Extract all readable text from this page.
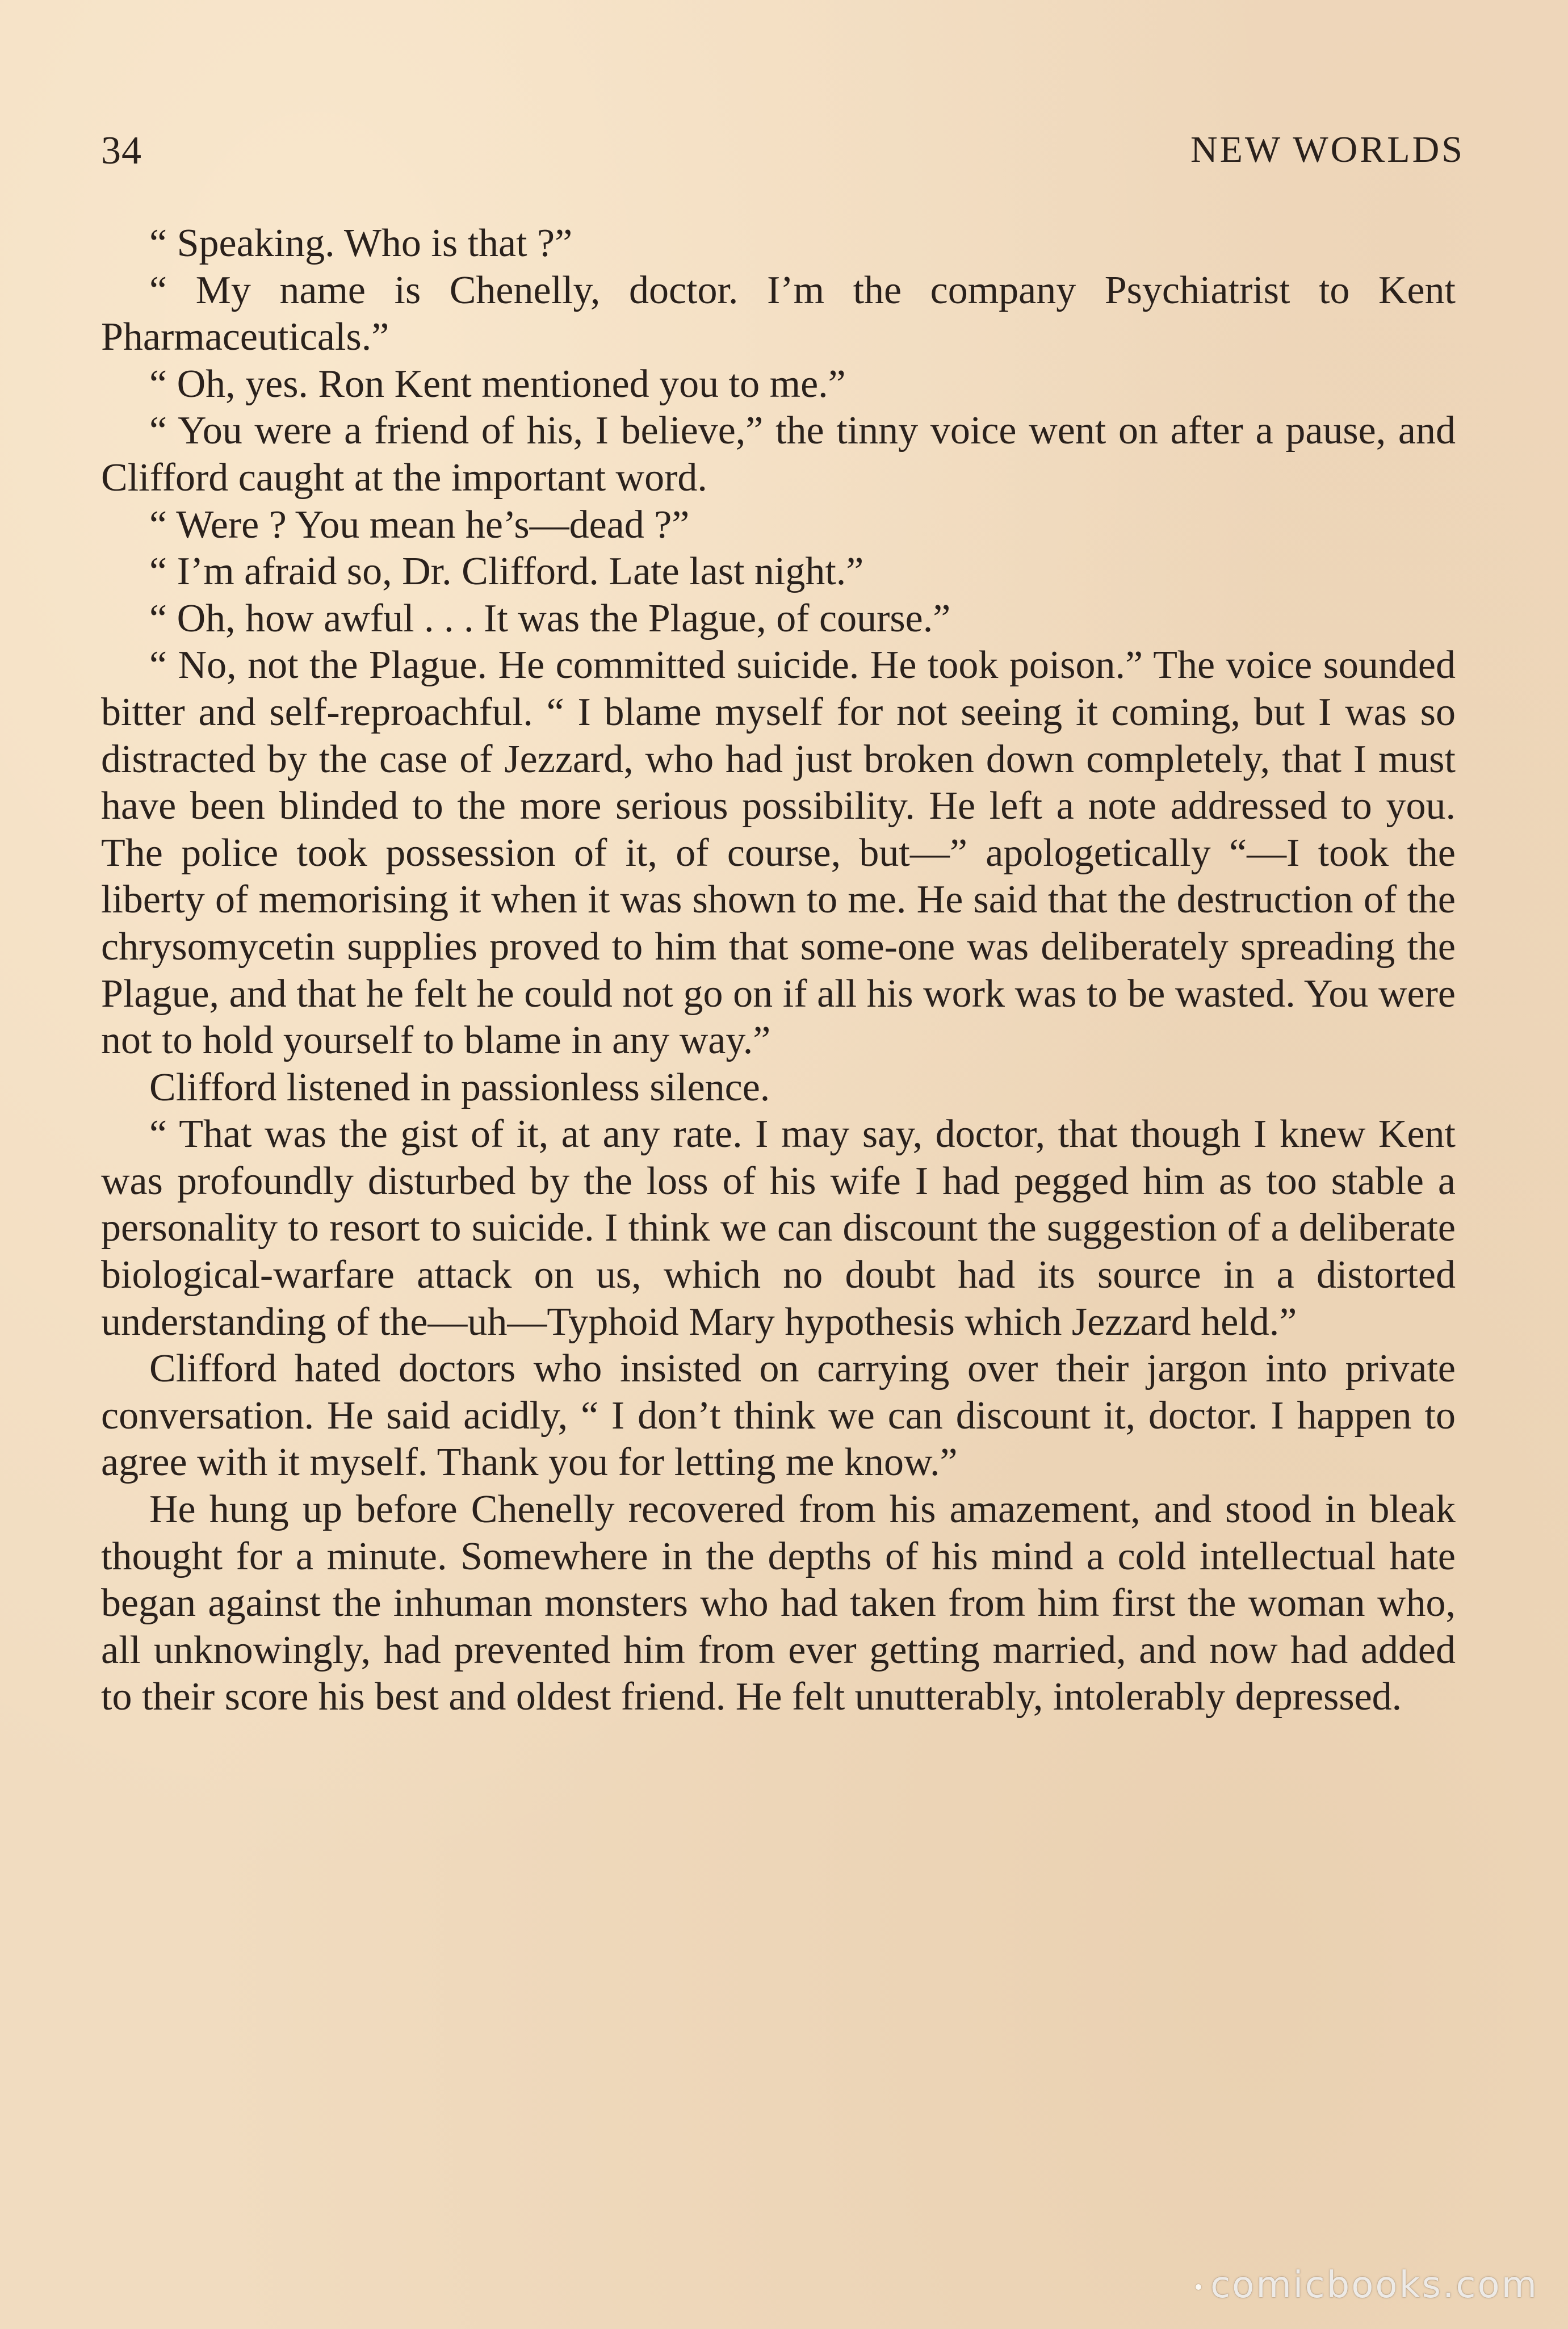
34	NEW WORLDS

“ Speaking. Who is that ?”

“ My name is Chenelly, doctor. I’m the company Psychiatrist to Kent Pharmaceuticals.”

“ Oh, yes. Ron Kent mentioned you to me.”

“ You were a friend of his, I believe,” the tinny voice went on after a pause, and Clifford caught at the important word.

“ Were ? You mean he’s—dead ?”

“ I’m afraid so, Dr. Clifford. Late last night.”

“ Oh, how awful . . . It was the Plague, of course.”

“ No, not the Plague. He committed suicide. He took poison.” The voice sounded bitter and self-reproachful. “ I blame myself for not seeing it coming, but I was so distracted by the case of Jezzard, who had just broken down completely, that I must have been blinded to the more serious possibility. He left a note addressed to you. The police took possession of it, of course, but—” apologetically “—I took the liberty of memorising it when it was shown to me. He said that the destruction of the chrysomycetin supplies proved to him that some-one was deliberately spreading the Plague, and that he felt he could not go on if all his work was to be wasted. You were not to hold yourself to blame in any way.”

Clifford listened in passionless silence.

“ That was the gist of it, at any rate. I may say, doctor, that though I knew Kent was profoundly disturbed by the loss of his wife I had pegged him as too stable a personality to resort to suicide. I think we can discount the suggestion of a deliberate biological-warfare attack on us, which no doubt had its source in a distorted understanding of the—uh—Typhoid Mary hypothesis which Jezzard held.”

Clifford hated doctors who insisted on carrying over their jargon into private conversation. He said acidly, “ I don’t think we can discount it, doctor. I happen to agree with it myself. Thank you for letting me know.”

He hung up before Chenelly recovered from his amazement, and stood in bleak thought for a minute. Somewhere in the depths of his mind a cold intellectual hate began against the inhuman monsters who had taken from him first the woman who, all unknowingly, had prevented him from ever getting married, and now had added to their score his best and oldest friend. He felt unutterably, intolerably depressed.

comicbooks.com
